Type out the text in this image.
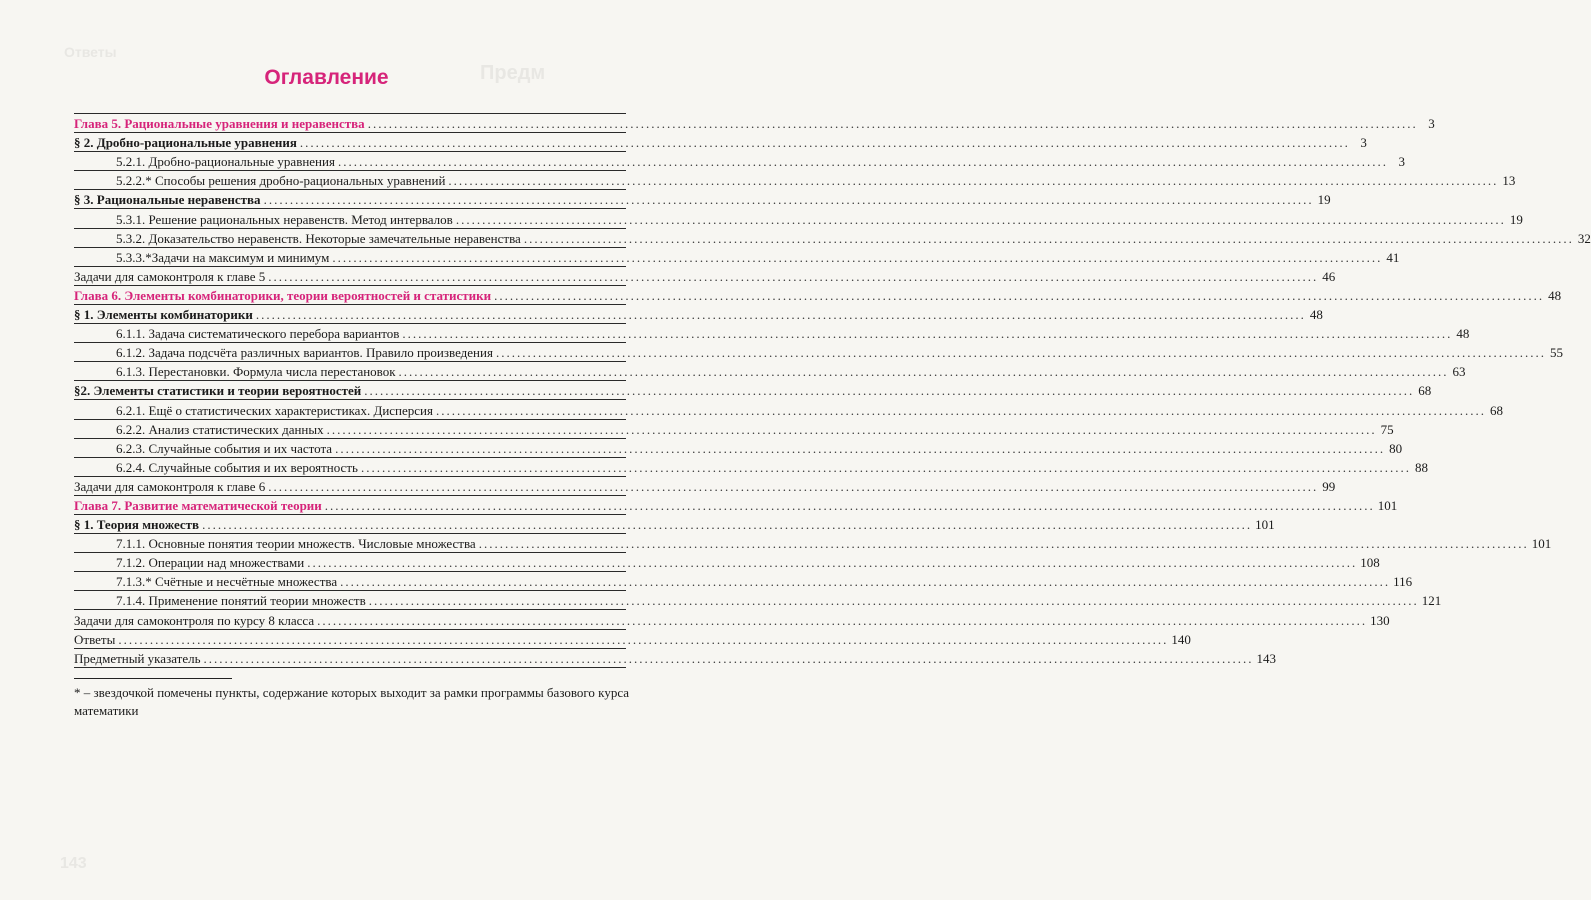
Ответы
Предм
143
Оглавление
Глава 5. Рациональные уравнения и неравенства ........................................................................................................................................................................................................ 3
§ 2. Дробно-рациональные уравнения ........................................................................................................................................................................................................ 3
5.2.1. Дробно-рациональные уравнения ........................................................................................................................................................................................................ 3
5.2.2.* Способы решения дробно-рациональных уравнений ........................................................................................................................................................................................................ 13
§ 3. Рациональные неравенства ........................................................................................................................................................................................................ 19
5.3.1. Решение рациональных неравенств. Метод интервалов ........................................................................................................................................................................................................ 19
5.3.2. Доказательство неравенств. Некоторые замечательные неравенства ........................................................................................................................................................................................................ 32
5.3.3.*Задачи на максимум и минимум ........................................................................................................................................................................................................ 41
Задачи для самоконтроля к главе 5 ........................................................................................................................................................................................................ 46
Глава 6. Элементы комбинаторики, теории вероятностей и статистики ........................................................................................................................................................................................................ 48
§ 1. Элементы комбинаторики ........................................................................................................................................................................................................ 48
6.1.1. Задача систематического перебора вариантов ........................................................................................................................................................................................................ 48
6.1.2. Задача подсчёта различных вариантов. Правило произведения ........................................................................................................................................................................................................ 55
6.1.3. Перестановки. Формула числа перестановок ........................................................................................................................................................................................................ 63
§2. Элементы статистики и теории вероятностей ........................................................................................................................................................................................................ 68
6.2.1. Ещё о статистических характеристиках. Дисперсия ........................................................................................................................................................................................................ 68
6.2.2. Анализ статистических данных ........................................................................................................................................................................................................ 75
6.2.3. Случайные события и их частота ........................................................................................................................................................................................................ 80
6.2.4. Случайные события и их вероятность ........................................................................................................................................................................................................ 88
Задачи для самоконтроля к главе 6 ........................................................................................................................................................................................................ 99
Глава 7. Развитие математической теории ........................................................................................................................................................................................................ 101
§ 1. Теория множеств ........................................................................................................................................................................................................ 101
7.1.1. Основные понятия теории множеств. Числовые множества ........................................................................................................................................................................................................ 101
7.1.2. Операции над множествами ........................................................................................................................................................................................................ 108
7.1.3.* Счётные и несчётные множества ........................................................................................................................................................................................................ 116
7.1.4. Применение понятий теории множеств ........................................................................................................................................................................................................ 121
Задачи для самоконтроля по курсу 8 класса ........................................................................................................................................................................................................ 130
Ответы ........................................................................................................................................................................................................ 140
Предметный указатель ........................................................................................................................................................................................................ 143
* – звездочкой помечены пункты, содержание которых выходит за рамки программы базового курса математики
